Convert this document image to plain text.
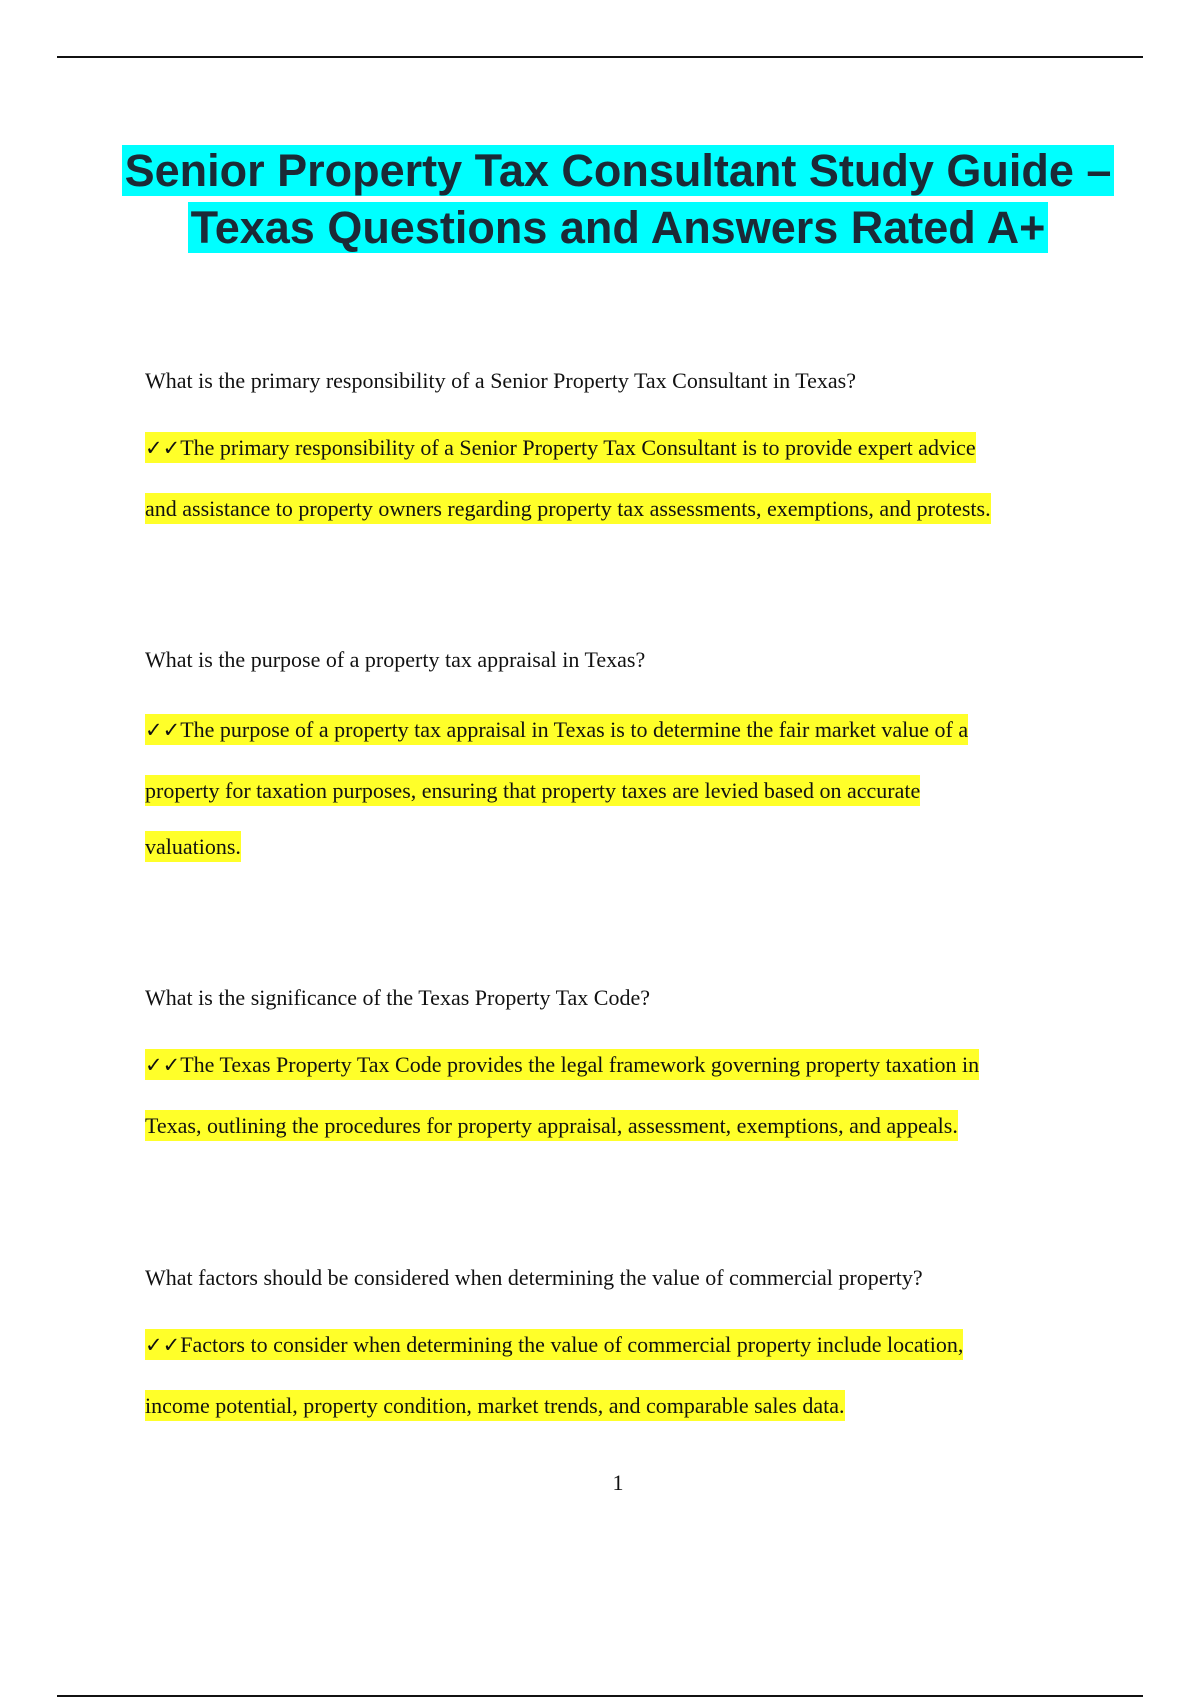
Senior Property Tax Consultant Study Guide – Texas Questions and Answers Rated A+

What is the primary responsibility of a Senior Property Tax Consultant in Texas?

✓✓The primary responsibility of a Senior Property Tax Consultant is to provide expert advice
and assistance to property owners regarding property tax assessments, exemptions, and protests.

What is the purpose of a property tax appraisal in Texas?

✓✓The purpose of a property tax appraisal in Texas is to determine the fair market value of a
property for taxation purposes, ensuring that property taxes are levied based on accurate
valuations.

What is the significance of the Texas Property Tax Code?

✓✓The Texas Property Tax Code provides the legal framework governing property taxation in
Texas, outlining the procedures for property appraisal, assessment, exemptions, and appeals.

What factors should be considered when determining the value of commercial property?

✓✓Factors to consider when determining the value of commercial property include location,
income potential, property condition, market trends, and comparable sales data.
1
